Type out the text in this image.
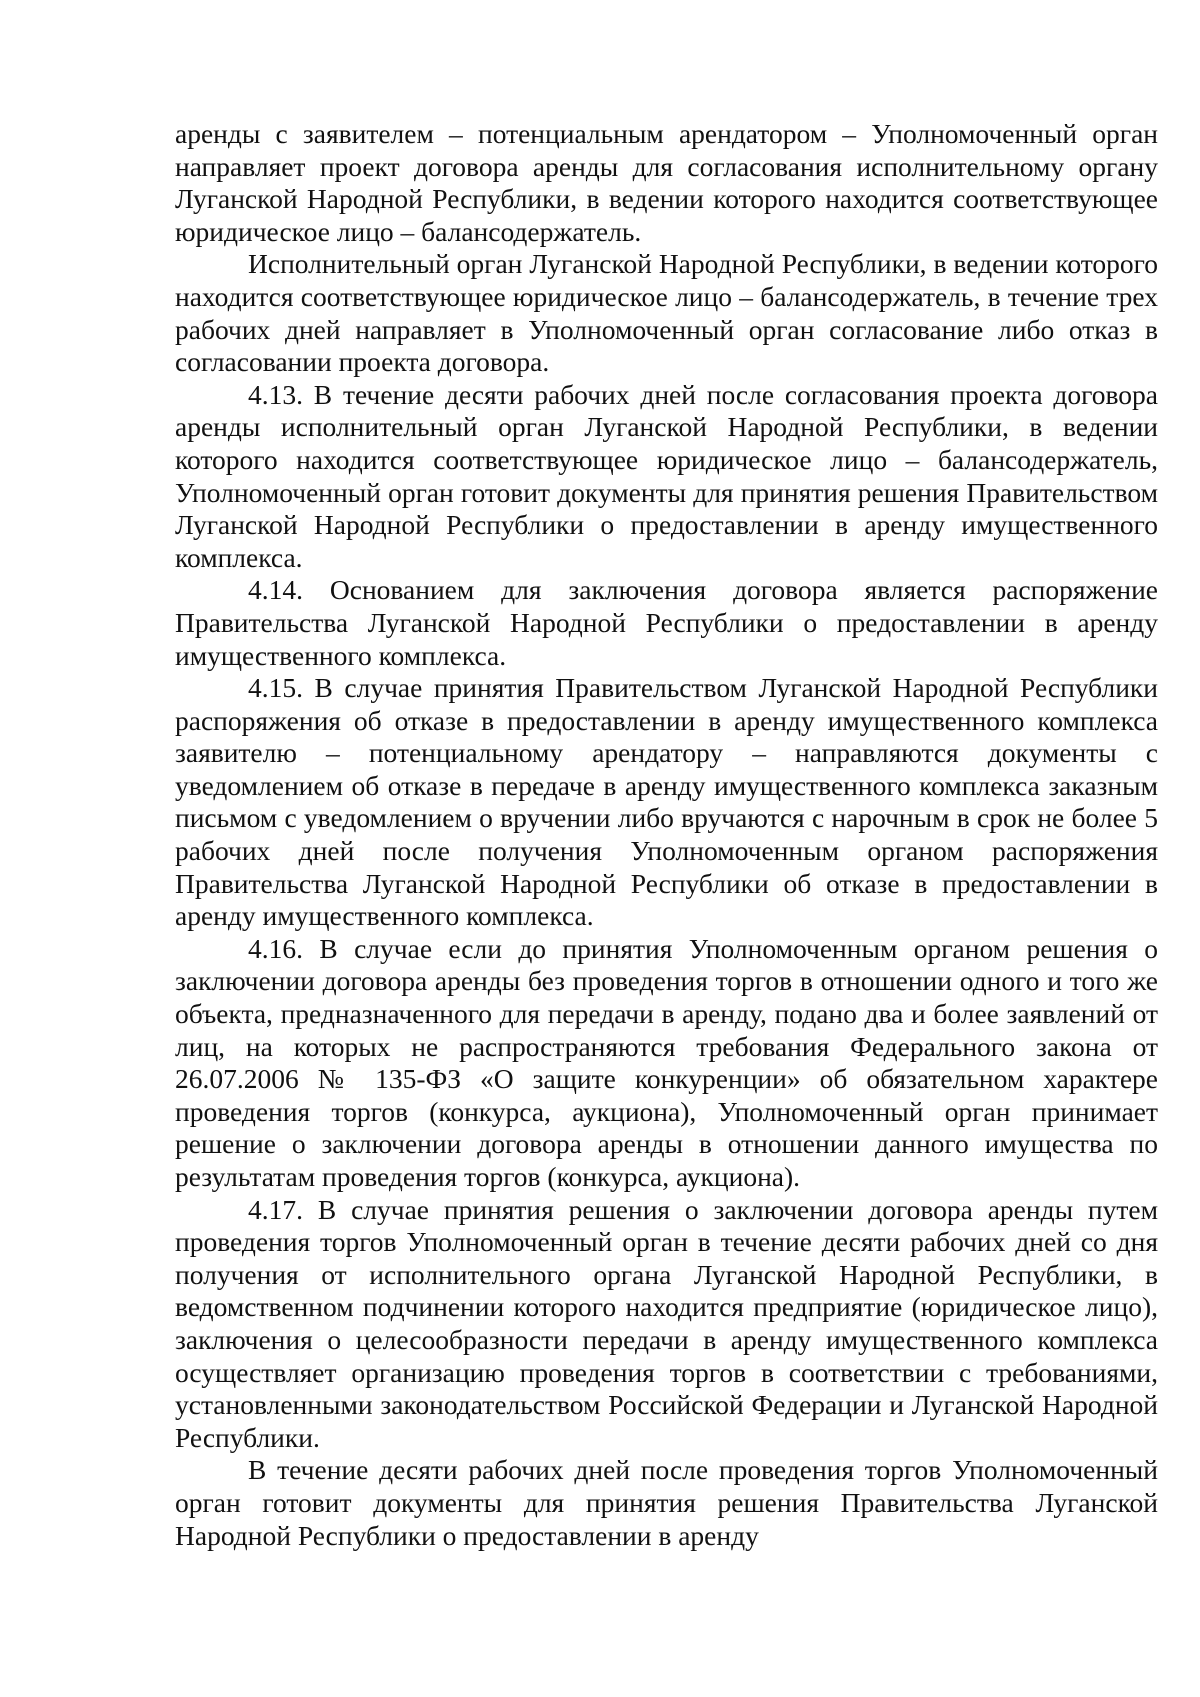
аренды с заявителем – потенциальным арендатором – Уполномоченный орган направляет проект договора аренды для согласования исполнительному органу Луганской Народной Республики, в ведении которого находится соответствующее юридическое лицо – балансодержатель.

Исполнительный орган Луганской Народной Республики, в ведении которого находится соответствующее юридическое лицо – балансодержатель, в течение трех рабочих дней направляет в Уполномоченный орган согласование либо отказ в согласовании проекта договора.

4.13. В течение десяти рабочих дней после согласования проекта договора аренды исполнительный орган Луганской Народной Республики, в ведении которого находится соответствующее юридическое лицо – балансодержатель, Уполномоченный орган готовит документы для принятия решения Правительством Луганской Народной Республики о предоставлении в аренду имущественного комплекса.

4.14. Основанием для заключения договора является распоряжение Правительства Луганской Народной Республики о предоставлении в аренду имущественного комплекса.

4.15. В случае принятия Правительством Луганской Народной Республики распоряжения об отказе в предоставлении в аренду имущественного комплекса заявителю – потенциальному арендатору – направляются документы с уведомлением об отказе в передаче в аренду имущественного комплекса заказным письмом с уведомлением о вручении либо вручаются с нарочным в срок не более 5 рабочих дней после получения Уполномоченным органом распоряжения Правительства Луганской Народной Республики об отказе в предоставлении в аренду имущественного комплекса.

4.16. В случае если до принятия Уполномоченным органом решения о заключении договора аренды без проведения торгов в отношении одного и того же объекта, предназначенного для передачи в аренду, подано два и более заявлений от лиц, на которых не распространяются требования Федерального закона от 26.07.2006 № 135-ФЗ «О защите конкуренции» об обязательном характере проведения торгов (конкурса, аукциона), Уполномоченный орган принимает решение о заключении договора аренды в отношении данного имущества по результатам проведения торгов (конкурса, аукциона).

4.17. В случае принятия решения о заключении договора аренды путем проведения торгов Уполномоченный орган в течение десяти рабочих дней со дня получения от исполнительного органа Луганской Народной Республики, в ведомственном подчинении которого находится предприятие (юридическое лицо), заключения о целесообразности передачи в аренду имущественного комплекса осуществляет организацию проведения торгов в соответствии с требованиями, установленными законодательством Российской Федерации и Луганской Народной Республики.

В течение десяти рабочих дней после проведения торгов Уполномоченный орган готовит документы для принятия решения Правительства Луганской Народной Республики о предоставлении в аренду
